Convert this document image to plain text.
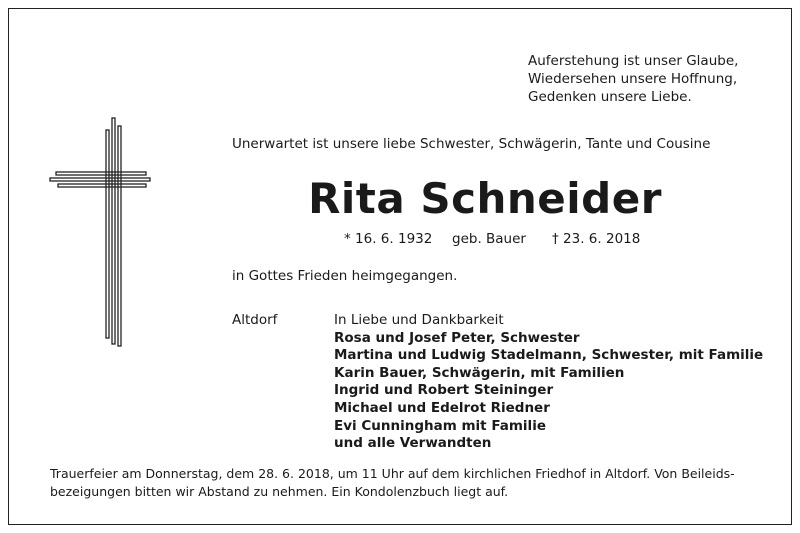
Auferstehung ist unser Glaube,
Wiedersehen unsere Hoffnung,
Gedenken unsere Liebe.
Unerwartet ist unsere liebe Schwester, Schwägerin, Tante und Cousine
Rita Schneider
* 16. 6. 1932 geb. Bauer † 23. 6. 2018
in Gottes Frieden heimgegangen.
Altdorf	In Liebe und Dankbarkeit
Rosa und Josef Peter, Schwester
Martina und Ludwig Stadelmann, Schwester, mit Familie
Karin Bauer, Schwägerin, mit Familien
Ingrid und Robert Steininger
Michael und Edelrot Riedner
Evi Cunningham mit Familie
und alle Verwandten
Trauerfeier am Donnerstag, dem 28. 6. 2018, um 11 Uhr auf dem kirchlichen Friedhof in Altdorf. Von Beileids-
bezeigungen bitten wir Abstand zu nehmen. Ein Kondolenzbuch liegt auf.
